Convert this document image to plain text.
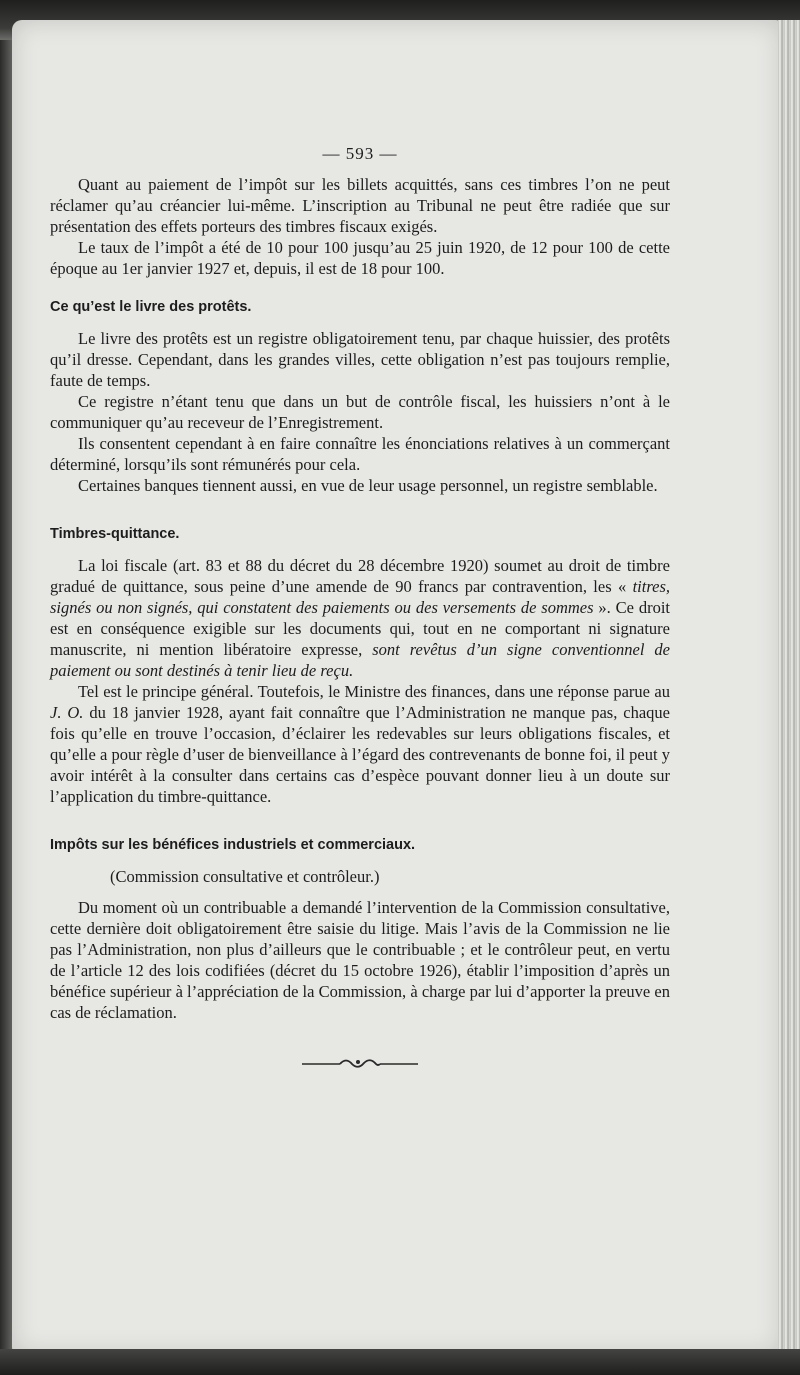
— 593 —

Quant au paiement de l’impôt sur les billets acquittés, sans ces timbres l’on ne peut réclamer qu’au créancier lui-même. L’inscription au Tribunal ne peut être radiée que sur présentation des effets porteurs des timbres fiscaux exigés.

Le taux de l’impôt a été de 10 pour 100 jusqu’au 25 juin 1920, de 12 pour 100 de cette époque au 1er janvier 1927 et, depuis, il est de 18 pour 100.

Ce qu’est le livre des protêts.

Le livre des protêts est un registre obligatoirement tenu, par chaque huissier, des protêts qu’il dresse. Cependant, dans les grandes villes, cette obligation n’est pas toujours remplie, faute de temps.

Ce registre n’étant tenu que dans un but de contrôle fiscal, les huissiers n’ont à le communiquer qu’au receveur de l’Enregistrement.

Ils consentent cependant à en faire connaître les énonciations relatives à un commerçant déterminé, lorsqu’ils sont rémunérés pour cela.

Certaines banques tiennent aussi, en vue de leur usage personnel, un registre semblable.

Timbres-quittance.

La loi fiscale (art. 83 et 88 du décret du 28 décembre 1920) soumet au droit de timbre gradué de quittance, sous peine d’une amende de 90 francs par contravention, les « titres, signés ou non signés, qui constatent des paiements ou des versements de sommes ». Ce droit est en conséquence exigible sur les documents qui, tout en ne comportant ni signature manuscrite, ni mention libératoire expresse, sont revêtus d’un signe conventionnel de paiement ou sont destinés à tenir lieu de reçu.

Tel est le principe général. Toutefois, le Ministre des finances, dans une réponse parue au J. O. du 18 janvier 1928, ayant fait connaître que l’Administration ne manque pas, chaque fois qu’elle en trouve l’occasion, d’éclairer les redevables sur leurs obligations fiscales, et qu’elle a pour règle d’user de bienveillance à l’égard des contrevenants de bonne foi, il peut y avoir intérêt à la consulter dans certains cas d’espèce pouvant donner lieu à un doute sur l’application du timbre-quittance.

Impôts sur les bénéfices industriels et commerciaux.
(Commission consultative et contrôleur.)

Du moment où un contribuable a demandé l’intervention de la Commission consultative, cette dernière doit obligatoirement être saisie du litige. Mais l’avis de la Commission ne lie pas l’Administration, non plus d’ailleurs que le contribuable ; et le contrôleur peut, en vertu de l’article 12 des lois codifiées (décret du 15 octobre 1926), établir l’imposition d’après un bénéfice supérieur à l’appréciation de la Commission, à charge par lui d’apporter la preuve en cas de réclamation.
